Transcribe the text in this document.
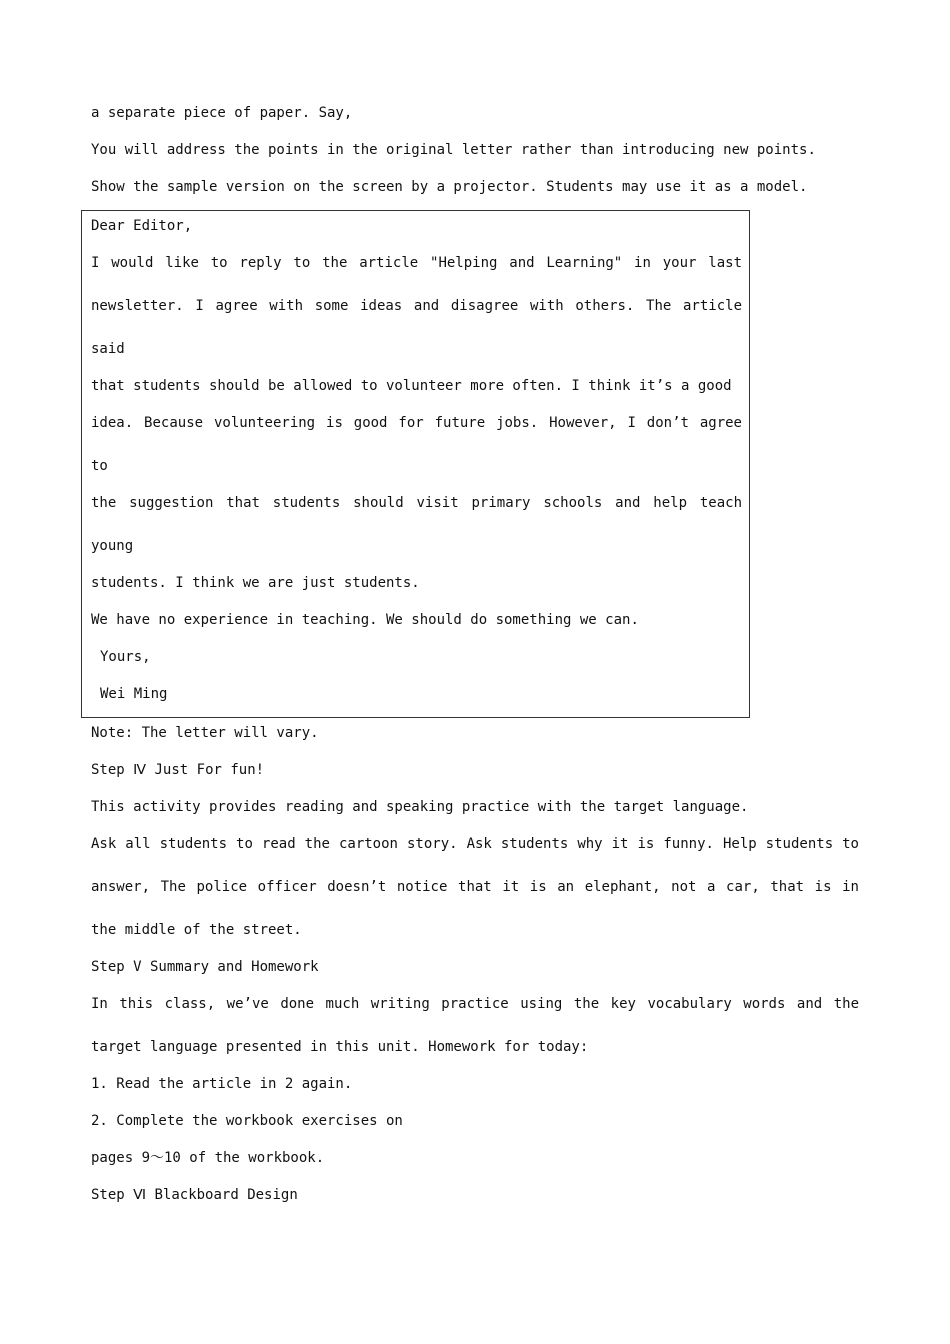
a separate piece of paper. Say,
You will address the points in the original letter rather than introducing new points.
Show the sample version on the screen by a projector. Students may use it as a model.
Dear Editor,
I would like to reply to the article "Helping and Learning" in your last
newsletter. I agree with some ideas and disagree with others. The article
said
that students should be allowed to volunteer more often. I think it’s a good
idea. Because volunteering is good for future jobs. However, I don’t agree
to
the suggestion that students should visit primary schools and help teach
young
students. I think we are just students.
We have no experience in teaching. We should do something we can.
Yours,
Wei Ming
Note: The letter will vary.
Step Ⅳ Just For fun!
This activity provides reading and speaking practice with the target language.
Ask all students to read the cartoon story. Ask students why it is funny. Help students to
answer, The police officer doesn’t notice that it is an elephant, not a car, that is in
the middle of the street.
Step V Summary and Homework
In this class, we’ve done much writing practice using the key vocabulary words and the
target language presented in this unit. Homework for today:
1. Read the article in 2 again.
2. Complete the workbook exercises on
pages 9～10 of the workbook.
Step Ⅵ Blackboard Design
